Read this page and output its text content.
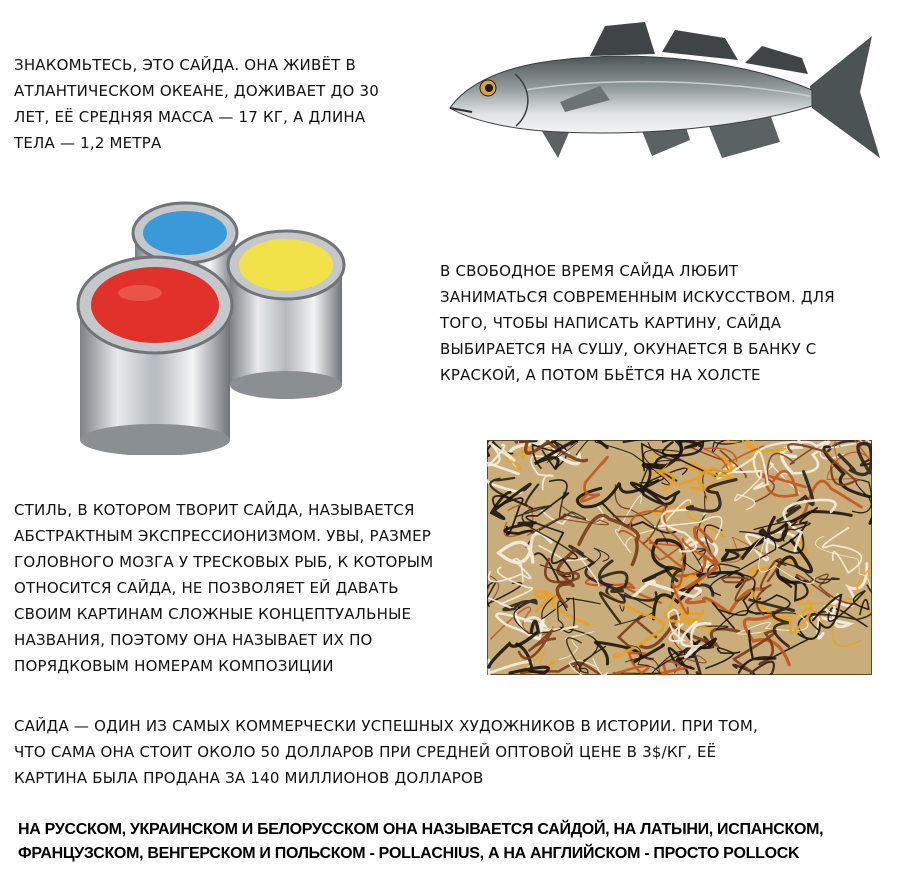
ЗНАКОМЬТЕСЬ, ЭТО САЙДА. ОНА ЖИВЁТ В
АТЛАНТИЧЕСКОМ ОКЕАНЕ, ДОЖИВАЕТ ДО 30
ЛЕТ, ЕЁ СРЕДНЯЯ МАССА — 17 КГ, А ДЛИНА
ТЕЛА — 1,2 МЕТРА

В СВОБОДНОЕ ВРЕМЯ САЙДА ЛЮБИТ
ЗАНИМАТЬСЯ СОВРЕМЕННЫМ ИСКУССТВОМ. ДЛЯ
ТОГО, ЧТОБЫ НАПИСАТЬ КАРТИНУ, САЙДА
ВЫБИРАЕТСЯ НА СУШУ, ОКУНАЕТСЯ В БАНКУ С
КРАСКОЙ, А ПОТОМ БЬЁТСЯ НА ХОЛСТЕ

СТИЛЬ, В КОТОРОМ ТВОРИТ САЙДА, НАЗЫВАЕТСЯ
АБСТРАКТНЫМ ЭКСПРЕССИОНИЗМОМ. УВЫ, РАЗМЕР
ГОЛОВНОГО МОЗГА У ТРЕСКОВЫХ РЫБ, К КОТОРЫМ
ОТНОСИТСЯ САЙДА, НЕ ПОЗВОЛЯЕТ ЕЙ ДАВАТЬ
СВОИМ КАРТИНАМ СЛОЖНЫЕ КОНЦЕПТУАЛЬНЫЕ
НАЗВАНИЯ, ПОЭТОМУ ОНА НАЗЫВАЕТ ИХ ПО
ПОРЯДКОВЫМ НОМЕРАМ КОМПОЗИЦИИ

САЙДА — ОДИН ИЗ САМЫХ КОММЕРЧЕСКИ УСПЕШНЫХ ХУДОЖНИКОВ В ИСТОРИИ. ПРИ ТОМ,
ЧТО САМА ОНА СТОИТ ОКОЛО 50 ДОЛЛАРОВ ПРИ СРЕДНЕЙ ОПТОВОЙ ЦЕНЕ В 3$/КГ, ЕЁ
КАРТИНА БЫЛА ПРОДАНА ЗА 140 МИЛЛИОНОВ ДОЛЛАРОВ

НА РУССКОМ, УКРАИНСКОМ И БЕЛОРУССКОМ ОНА НАЗЫВАЕТСЯ САЙДОЙ, НА ЛАТЫНИ, ИСПАНСКОМ,
ФРАНЦУЗСКОМ, ВЕНГЕРСКОМ И ПОЛЬСКОМ - POLLACHIUS, А НА АНГЛИЙСКОМ - ПРОСТО POLLOCK
